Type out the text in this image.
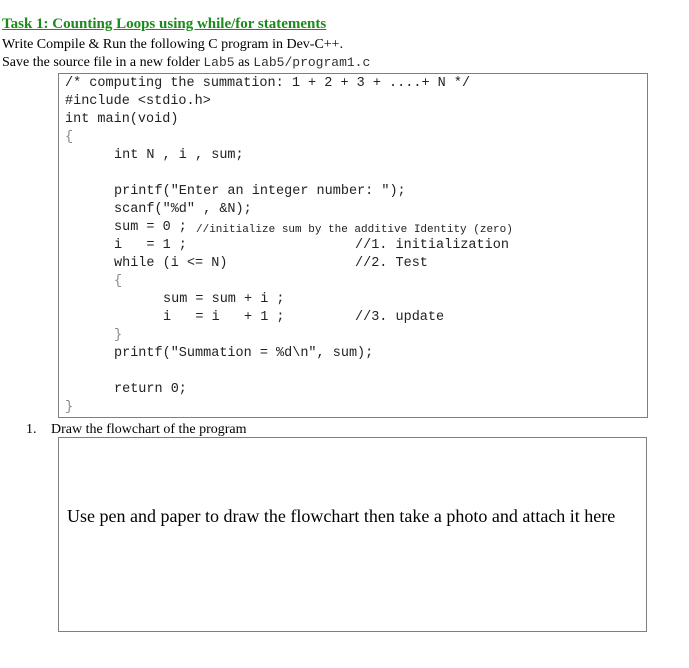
Task 1: Counting Loops using while/for statements
Write Compile & Run the following C program in Dev-C++.
Save the source file in a new folder Lab5 as Lab5/program1.c
/* computing the summation: 1 + 2 + 3 + ....+ N */
#include <stdio.h>
int main(void)
{
int N , i , sum;
printf("Enter an integer number: ");
scanf("%d" , &N);
sum = 0 ; //initialize sum by the additive Identity (zero)
i   = 1 ;	//1. initialization
while (i <= N)	//2. Test
{
sum = sum + i ;
i   = i   + 1 ;	//3. update
}
printf("Summation = %d\n", sum);
return 0;
}
1. Draw the flowchart of the program
Use pen and paper to draw the flowchart then take a photo and attach it here
